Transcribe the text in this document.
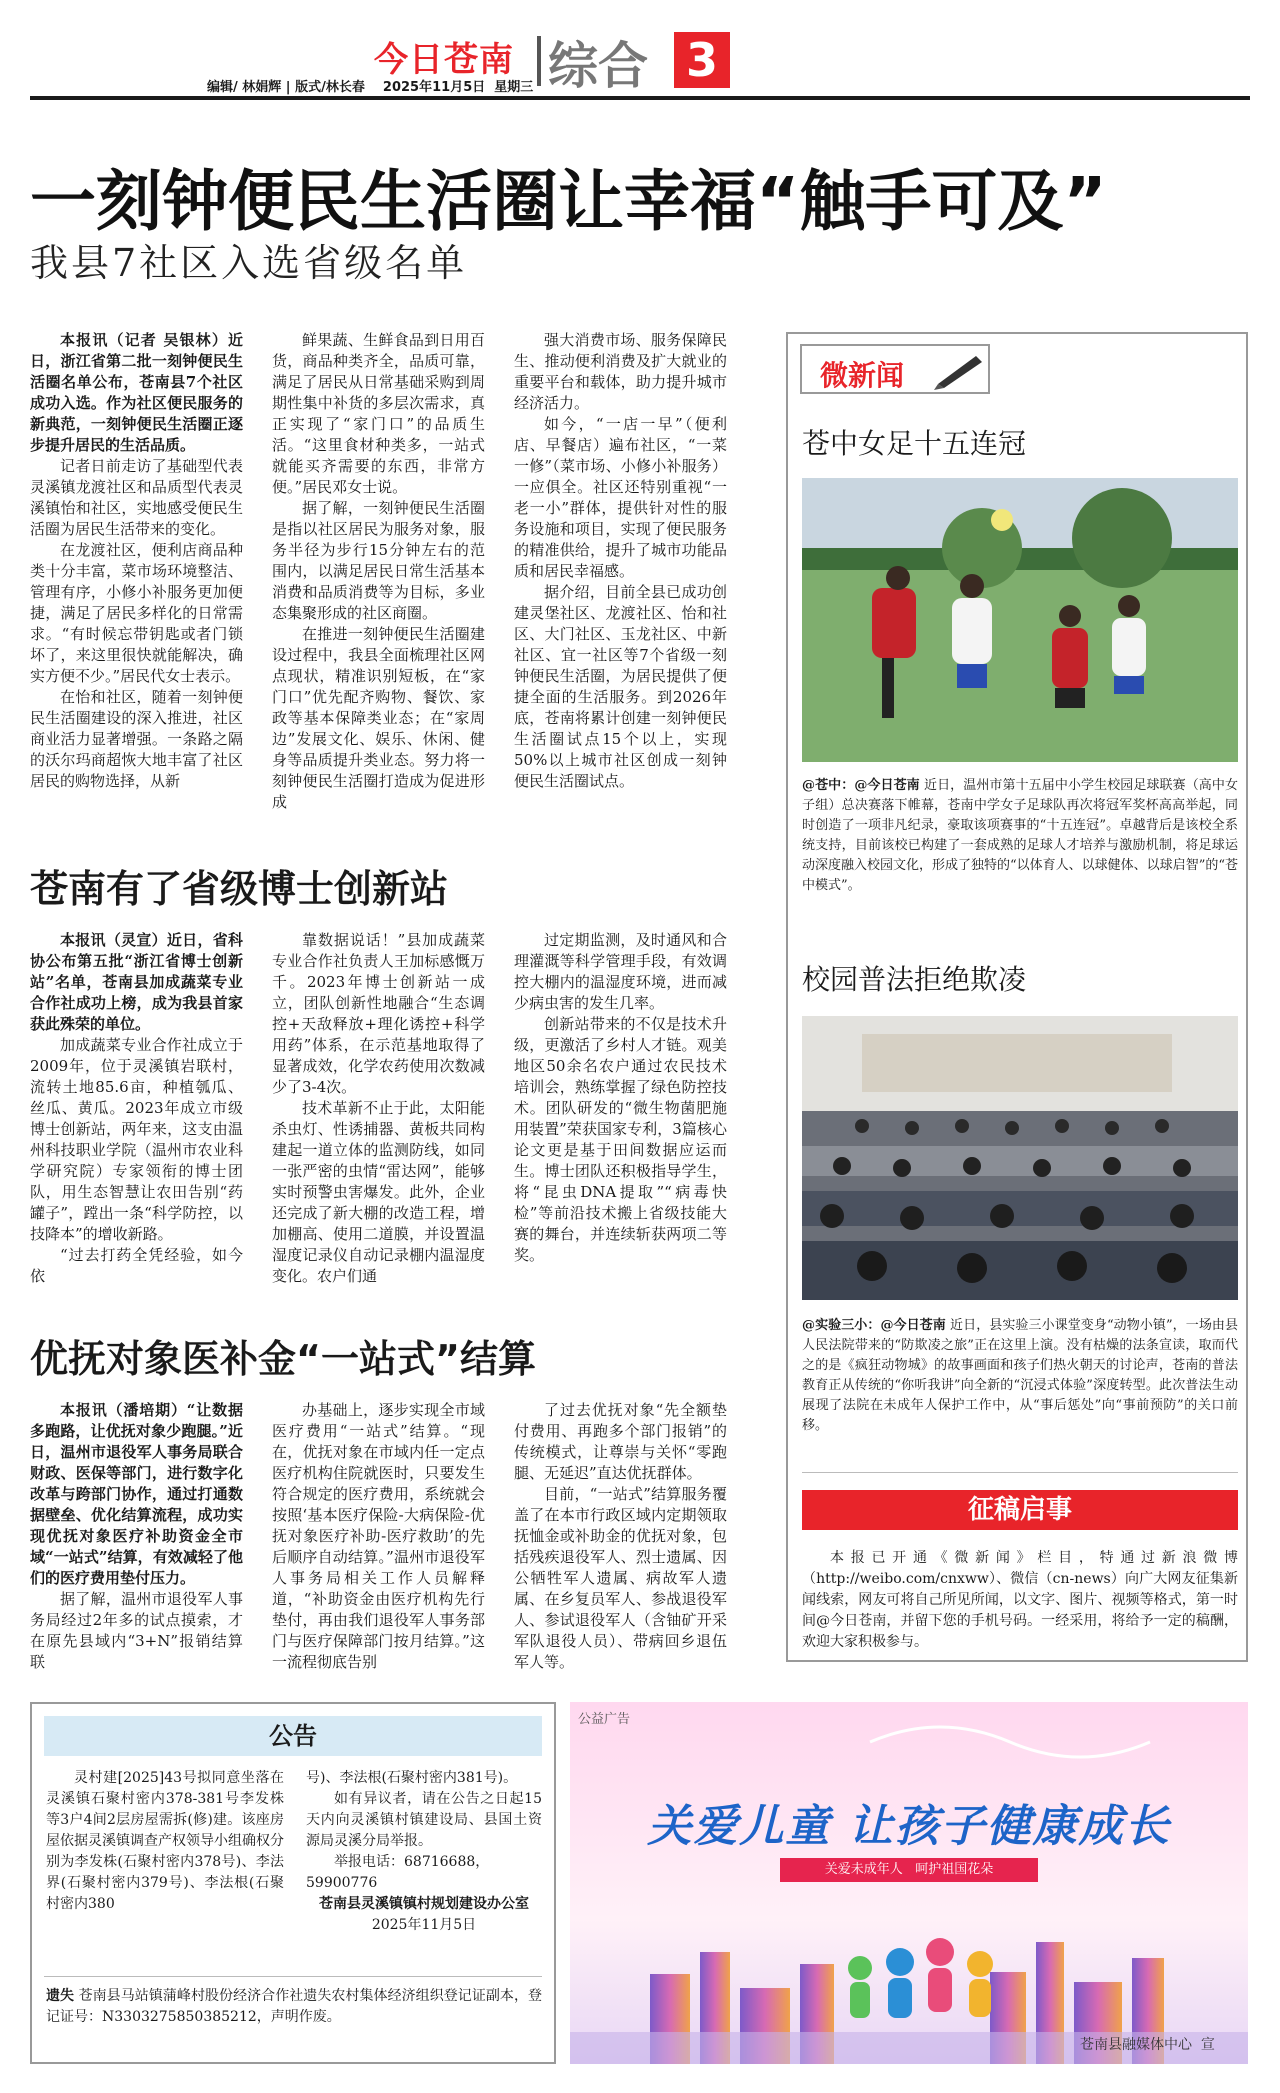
今日苍南 综合 3
编辑/ 林娟辉 | 版式/林长春    2025年11月5日  星期三
一刻钟便民生活圈让幸福“触手可及”
我县7社区入选省级名单

本报讯（记者 吴银林）近日，浙江省第二批一刻钟便民生活圈名单公布，苍南县7个社区成功入选。作为社区便民服务的新典范，一刻钟便民生活圈正逐步提升居民的生活品质。

记者日前走访了基础型代表灵溪镇龙渡社区和品质型代表灵溪镇怡和社区，实地感受便民生活圈为居民生活带来的变化。

在龙渡社区，便利店商品种类十分丰富，菜市场环境整洁、管理有序，小修小补服务更加便捷，满足了居民多样化的日常需求。“有时候忘带钥匙或者门锁坏了，来这里很快就能解决，确实方便不少。”居民代女士表示。

在怡和社区，随着一刻钟便民生活圈建设的深入推进，社区商业活力显著增强。一条路之隔的沃尔玛商超恢大地丰富了社区居民的购物选择，从新

鲜果蔬、生鲜食品到日用百货，商品种类齐全，品质可靠，满足了居民从日常基础采购到周期性集中补货的多层次需求，真正实现了“家门口”的品质生活。“这里食材种类多，一站式就能买齐需要的东西，非常方便。”居民邓女士说。

据了解，一刻钟便民生活圈是指以社区居民为服务对象，服务半径为步行15分钟左右的范围内，以满足居民日常生活基本消费和品质消费等为目标，多业态集聚形成的社区商圈。

在推进一刻钟便民生活圈建设过程中，我县全面梳理社区网点现状，精准识别短板，在“家门口”优先配齐购物、餐饮、家政等基本保障类业态；在“家周边”发展文化、娱乐、休闲、健身等品质提升类业态。努力将一刻钟便民生活圈打造成为促进形成

强大消费市场、服务保障民生、推动便利消费及扩大就业的重要平台和载体，助力提升城市经济活力。

如今，“一店一早”（便利店、早餐店）遍布社区，“一菜一修”（菜市场、小修小补服务）一应俱全。社区还特别重视“一老一小”群体，提供针对性的服务设施和项目，实现了便民服务的精准供给，提升了城市功能品质和居民幸福感。

据介绍，目前全县已成功创建灵堡社区、龙渡社区、怡和社区、大门社区、玉龙社区、中新社区、宜一社区等7个省级一刻钟便民生活圈，为居民提供了便捷全面的生活服务。到2026年底，苍南将累计创建一刻钟便民生活圈试点15个以上，实现50%以上城市社区创成一刻钟便民生活圈试点。

苍南有了省级博士创新站

本报讯（灵宣）近日，省科协公布第五批“浙江省博士创新站”名单，苍南县加成蔬菜专业合作社成功上榜，成为我县首家获此殊荣的单位。

加成蔬菜专业合作社成立于2009年，位于灵溪镇岩联村，流转土地85.6亩，种植瓠瓜、丝瓜、黄瓜。2023年成立市级博士创新站，两年来，这支由温州科技职业学院（温州市农业科学研究院）专家领衔的博士团队，用生态智慧让农田告别“药罐子”，蹚出一条“科学防控，以技降本”的增收新路。

“过去打药全凭经验，如今依

靠数据说话！”县加成蔬菜专业合作社负责人王加标感慨万千。2023年博士创新站一成立，团队创新性地融合“生态调控+天敌释放+理化诱控+科学用药”体系，在示范基地取得了显著成效，化学农药使用次数减少了3-4次。

技术革新不止于此，太阳能杀虫灯、性诱捕器、黄板共同构建起一道立体的监测防线，如同一张严密的虫情“雷达网”，能够实时预警虫害爆发。此外，企业还完成了新大棚的改造工程，增加棚高、使用二道膜，并设置温湿度记录仪自动记录棚内温湿度变化。农户们通

过定期监测，及时通风和合理灌溉等科学管理手段，有效调控大棚内的温湿度环境，进而减少病虫害的发生几率。

创新站带来的不仅是技术升级，更激活了乡村人才链。观美地区50余名农户通过农民技术培训会，熟练掌握了绿色防控技术。团队研发的“微生物菌肥施用装置”荣获国家专利，3篇核心论文更是基于田间数据应运而生。博士团队还积极指导学生，将“昆虫DNA提取”“病毒快检”等前沿技术搬上省级技能大赛的舞台，并连续斩获两项二等奖。

优抚对象医补金“一站式”结算

本报讯（潘培期）“让数据多跑路，让优抚对象少跑腿。”近日，温州市退役军人事务局联合财政、医保等部门，进行数字化改革与跨部门协作，通过打通数据壁垒、优化结算流程，成功实现优抚对象医疗补助资金全市域“一站式”结算，有效减轻了他们的医疗费用垫付压力。

据了解，温州市退役军人事务局经过2年多的试点摸索，才在原先县域内“3+N”报销结算联

办基础上，逐步实现全市域医疗费用“一站式”结算。“现在，优抚对象在市域内任一定点医疗机构住院就医时，只要发生符合规定的医疗费用，系统就会按照‘基本医疗保险-大病保险-优抚对象医疗补助-医疗救助’的先后顺序自动结算。”温州市退役军人事务局相关工作人员解释道，“补助资金由医疗机构先行垫付，再由我们退役军人事务部门与医疗保障部门按月结算。”这一流程彻底告别

了过去优抚对象“先全额垫付费用、再跑多个部门报销”的传统模式，让尊崇与关怀“零跑腿、无延迟”直达优抚群体。

目前，“一站式”结算服务覆盖了在本市行政区域内定期领取抚恤金或补助金的优抚对象，包括残疾退役军人、烈士遗属、因公牺牲军人遗属、病故军人遗属、在乡复员军人、参战退役军人、参试退役军人（含铀矿开采军队退役人员）、带病回乡退伍军人等。

微新闻
苍中女足十五连冠
@苍中：@今日苍南 近日，温州市第十五届中小学生校园足球联赛（高中女子组）总决赛落下帷幕，苍南中学女子足球队再次将冠军奖杯高高举起，同时创造了一项非凡纪录，豪取该项赛事的“十五连冠”。卓越背后是该校全系统支持，目前该校已构建了一套成熟的足球人才培养与激励机制，将足球运动深度融入校园文化，形成了独特的“以体育人、以球健体、以球启智”的“苍中模式”。
校园普法拒绝欺凌
@实验三小：@今日苍南 近日，县实验三小课堂变身“动物小镇”，一场由县人民法院带来的“防欺凌之旅”正在这里上演。没有枯燥的法条宣读，取而代之的是《疯狂动物城》的故事画面和孩子们热火朝天的讨论声，苍南的普法教育正从传统的“你听我讲”向全新的“沉浸式体验”深度转型。此次普法生动展现了法院在未成年人保护工作中，从“事后惩处”向“事前预防”的关口前移。
征稿启事
本报已开通《微新闻》栏目，特通过新浪微博（http://weibo.com/cnxww）、微信（cn-news）向广大网友征集新闻线索，网友可将自己所见所闻，以文字、图片、视频等格式，第一时间@今日苍南，并留下您的手机号码。一经采用，将给予一定的稿酬，欢迎大家积极参与。
公告
灵村建[2025]43号拟同意坐落在灵溪镇石聚村密内378-381号李发株等3户4间2层房屋需拆(修)建。该座房屋依据灵溪镇调查产权领导小组确权分别为李发株(石聚村密内378号)、李法界(石聚村密内379号)、李法根(石聚村密内380
号)、李法根(石聚村密内381号)。
如有异议者，请在公告之日起15天内向灵溪镇村镇建设局、县国土资源局灵溪分局举报。
举报电话：68716688，59900776
苍南县灵溪镇镇村规划建设办公室
2025年11月5日
遗失 苍南县马站镇蒲峰村股份经济合作社遗失农村集体经济组织登记证副本，登记证号：N3303275850385212，声明作废。
公益广告
关爱儿童 让孩子健康成长
关爱未成年人   呵护祖国花朵
苍南县融媒体中心  宣
